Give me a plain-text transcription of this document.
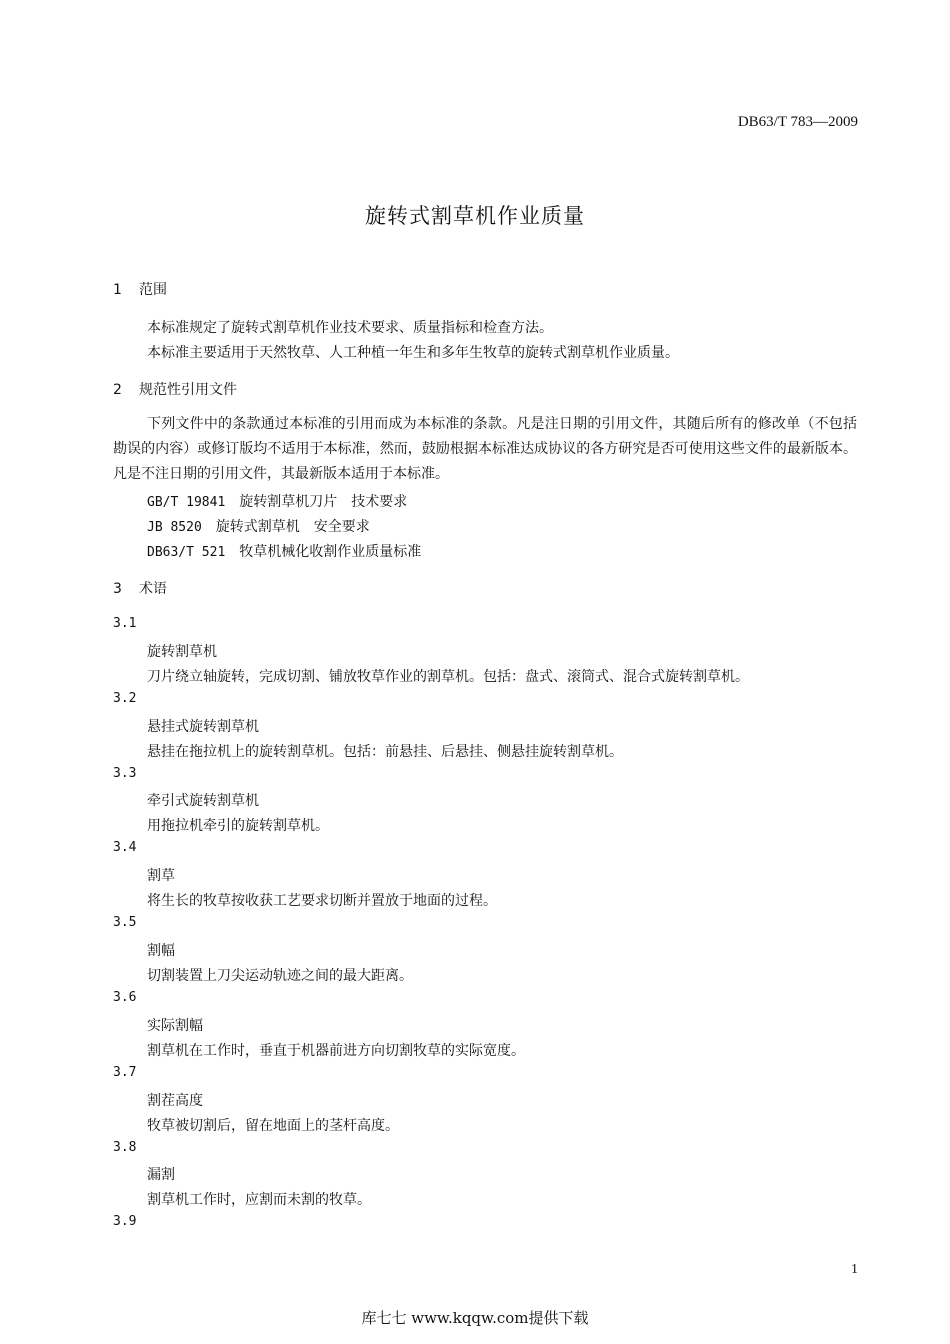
DB63/T 783—2009
旋转式割草机作业质量
1 范围
本标准规定了旋转式割草机作业技术要求、质量指标和检查方法。
本标准主要适用于天然牧草、人工种植一年生和多年生牧草的旋转式割草机作业质量。
2 规范性引用文件
下列文件中的条款通过本标准的引用而成为本标准的条款。凡是注日期的引用文件，其随后所有的修改单（不包括勘误的内容）或修订版均不适用于本标准，然而，鼓励根据本标准达成协议的各方研究是否可使用这些文件的最新版本。凡是不注日期的引用文件，其最新版本适用于本标准。
GB/T 19841 旋转割草机刀片 技术要求
JB 8520 旋转式割草机 安全要求
DB63/T 521 牧草机械化收割作业质量标准
3 术语
3.1
旋转割草机
刀片绕立轴旋转，完成切割、铺放牧草作业的割草机。包括：盘式、滚筒式、混合式旋转割草机。
3.2
悬挂式旋转割草机
悬挂在拖拉机上的旋转割草机。包括：前悬挂、后悬挂、侧悬挂旋转割草机。
3.3
牵引式旋转割草机
用拖拉机牵引的旋转割草机。
3.4
割草
将生长的牧草按收获工艺要求切断并置放于地面的过程。
3.5
割幅
切割装置上刀尖运动轨迹之间的最大距离。
3.6
实际割幅
割草机在工作时，垂直于机器前进方向切割牧草的实际宽度。
3.7
割茬高度
牧草被切割后，留在地面上的茎杆高度。
3.8
漏割
割草机工作时，应割而未割的牧草。
3.9
1
库七七 www.kqqw.com提供下载
